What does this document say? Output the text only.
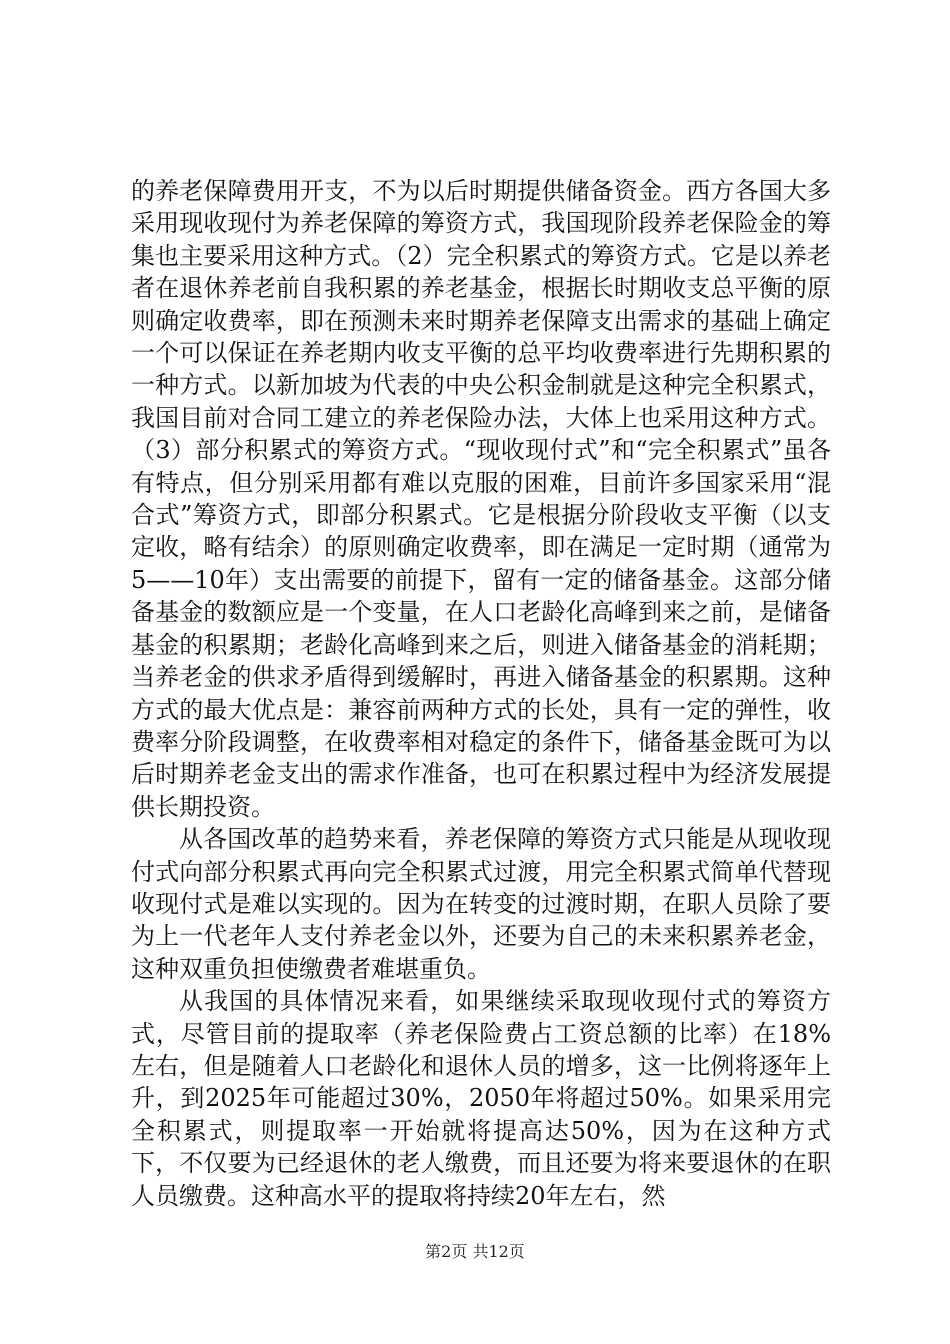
的养老保障费用开支，不为以后时期提供储备资金。西方各国大多采用现收现付为养老保障的筹资方式，我国现阶段养老保险金的筹集也主要采用这种方式。（2）完全积累式的筹资方式。它是以养老者在退休养老前自我积累的养老基金，根据长时期收支总平衡的原则确定收费率，即在预测未来时期养老保障支出需求的基础上确定一个可以保证在养老期内收支平衡的总平均收费率进行先期积累的一种方式。以新加坡为代表的中央公积金制就是这种完全积累式，我国目前对合同工建立的养老保险办法，大体上也采用这种方式。（3）部分积累式的筹资方式。“现收现付式”和“完全积累式”虽各有特点，但分别采用都有难以克服的困难，目前许多国家采用“混合式”筹资方式，即部分积累式。它是根据分阶段收支平衡（以支定收，略有结余）的原则确定收费率，即在满足一定时期（通常为5——10年）支出需要的前提下，留有一定的储备基金。这部分储备基金的数额应是一个变量，在人口老龄化高峰到来之前，是储备基金的积累期；老龄化高峰到来之后，则进入储备基金的消耗期；当养老金的供求矛盾得到缓解时，再进入储备基金的积累期。这种方式的最大优点是：兼容前两种方式的长处，具有一定的弹性，收费率分阶段调整，在收费率相对稳定的条件下，储备基金既可为以后时期养老金支出的需求作准备，也可在积累过程中为经济发展提供长期投资。

从各国改革的趋势来看，养老保障的筹资方式只能是从现收现付式向部分积累式再向完全积累式过渡，用完全积累式简单代替现收现付式是难以实现的。因为在转变的过渡时期，在职人员除了要为上一代老年人支付养老金以外，还要为自己的未来积累养老金，这种双重负担使缴费者难堪重负。

从我国的具体情况来看，如果继续采取现收现付式的筹资方式，尽管目前的提取率（养老保险费占工资总额的比率）在18%左右，但是随着人口老龄化和退休人员的增多，这一比例将逐年上升，到2025年可能超过30%，2050年将超过50%。如果采用完全积累式，则提取率一开始就将提高达50%，因为在这种方式下，不仅要为已经退休的老人缴费，而且还要为将来要退休的在职人员缴费。这种高水平的提取将持续20年左右，然

第2页 共12页
